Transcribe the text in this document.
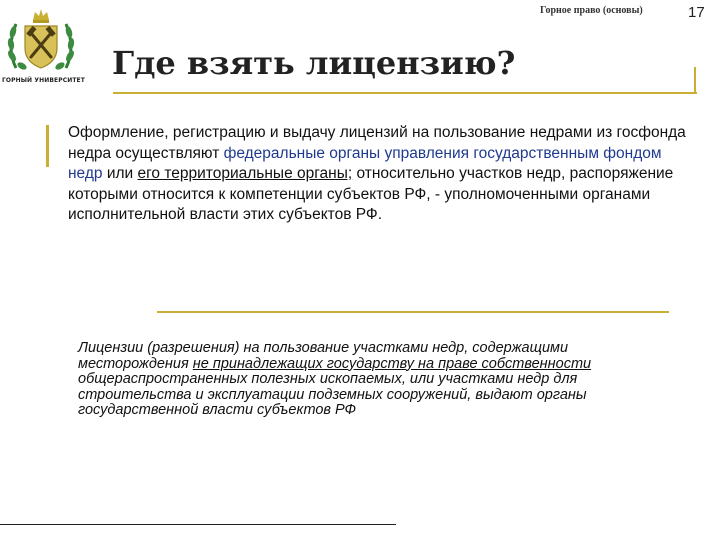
ГОРНЫЙ УНИВЕРСИТЕТ
Горное право (основы)	17
Где взять лицензию?

Оформление, регистрацию и выдачу лицензий на пользование недрами из госфонда недра осуществляют федеральные органы управления государственным фондом недр или его территориальные органы; относительно участков недр, распоряжение которыми относится к компетенции субъектов РФ, - уполномоченными органами исполнительной власти этих субъектов РФ.

Лицензии (разрешения) на пользование участками недр, содержащими месторождения не принадлежащих государству на праве собственности общераспространенных полезных ископаемых, или участками недр для строительства и эксплуатации подземных сооружений, выдают органы государственной власти субъектов РФ
